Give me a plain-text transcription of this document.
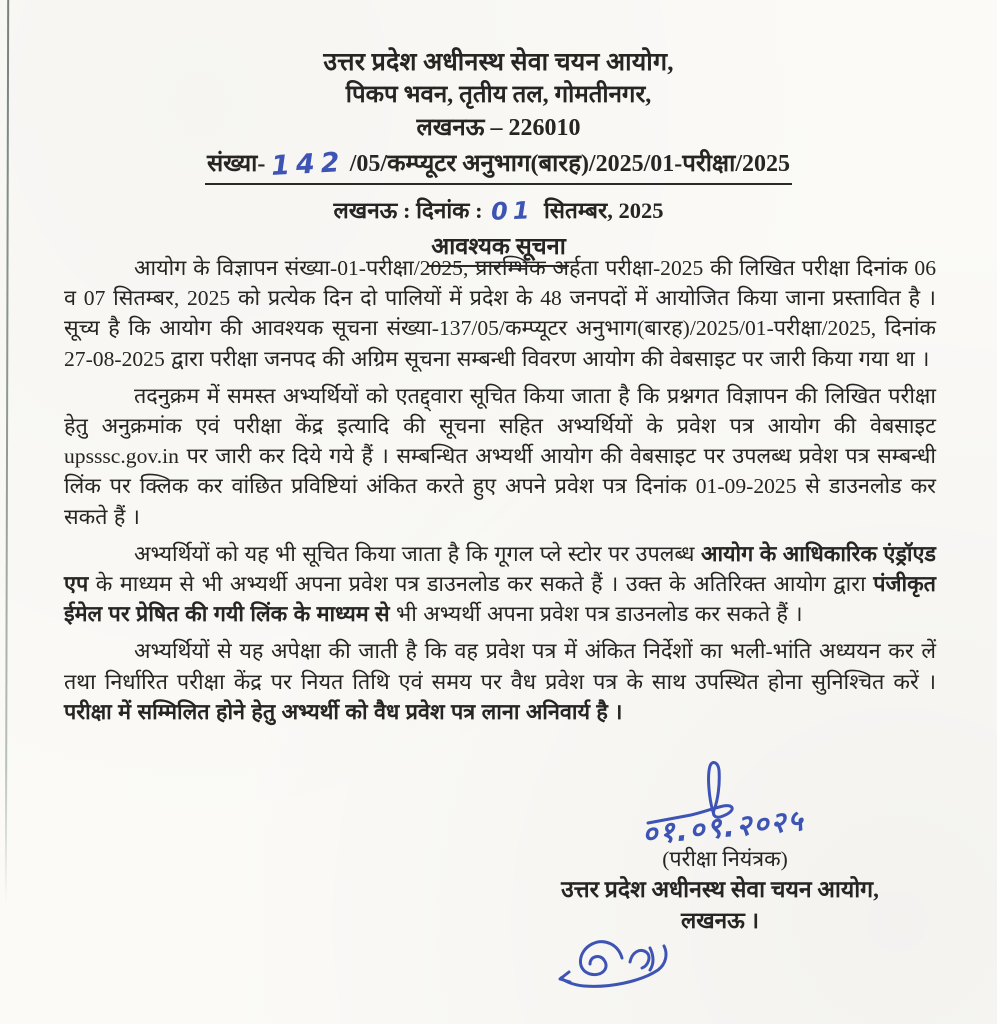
उत्तर प्रदेश अधीनस्थ सेवा चयन आयोग,
पिकप भवन, तृतीय तल, गोमतीनगर,
लखनऊ – 226010
संख्या- 142 /05/कम्प्यूटर अनुभाग(बारह)/2025/01-परीक्षा/2025
लखनऊ : दिनांक : 01 सितम्बर, 2025
आवश्यक सूचना

आयोग के विज्ञापन संख्या-01-परीक्षा/2025, प्रारम्भिक अर्हता परीक्षा-2025 की लिखित परीक्षा दिनांक 06 व 07 सितम्बर, 2025 को प्रत्येक दिन दो पालियों में प्रदेश के 48 जनपदों में आयोजित किया जाना प्रस्तावित है । सूच्य है कि आयोग की आवश्यक सूचना संख्या-137/05/कम्प्यूटर अनुभाग(बारह)/2025/01-परीक्षा/2025, दिनांक 27-08-2025 द्वारा परीक्षा जनपद की अग्रिम सूचना सम्बन्धी विवरण आयोग की वेबसाइट पर जारी किया गया था ।

तदनुक्रम में समस्त अभ्यर्थियों को एतद्द्वारा सूचित किया जाता है कि प्रश्नगत विज्ञापन की लिखित परीक्षा हेतु अनुक्रमांक एवं परीक्षा केंद्र इत्यादि की सूचना सहित अभ्यर्थियों के प्रवेश पत्र आयोग की वेबसाइट upsssc.gov.in पर जारी कर दिये गये हैं । सम्बन्धित अभ्यर्थी आयोग की वेबसाइट पर उपलब्ध प्रवेश पत्र सम्बन्धी लिंक पर क्लिक कर वांछित प्रविष्टियां अंकित करते हुए अपने प्रवेश पत्र दिनांक 01-09-2025 से डाउनलोड कर सकते हैं ।

अभ्यर्थियों को यह भी सूचित किया जाता है कि गूगल प्ले स्टोर पर उपलब्ध आयोग के आधिकारिक एंड्रॉएड एप के माध्यम से भी अभ्यर्थी अपना प्रवेश पत्र डाउनलोड कर सकते हैं । उक्त के अतिरिक्त आयोग द्वारा पंजीकृत ईमेल पर प्रेषित की गयी लिंक के माध्यम से भी अभ्यर्थी अपना प्रवेश पत्र डाउनलोड कर सकते हैं ।

अभ्यर्थियों से यह अपेक्षा की जाती है कि वह प्रवेश पत्र में अंकित निर्देशों का भली-भांति अध्ययन कर लें तथा निर्धारित परीक्षा केंद्र पर नियत तिथि एवं समय पर वैध प्रवेश पत्र के साथ उपस्थित होना सुनिश्चित करें । परीक्षा में सम्मिलित होने हेतु अभ्यर्थी को वैध प्रवेश पत्र लाना अनिवार्य है ।

०१.०९.२०२५
(परीक्षा नियंत्रक)
उत्तर प्रदेश अधीनस्थ सेवा चयन आयोग,
लखनऊ ।
